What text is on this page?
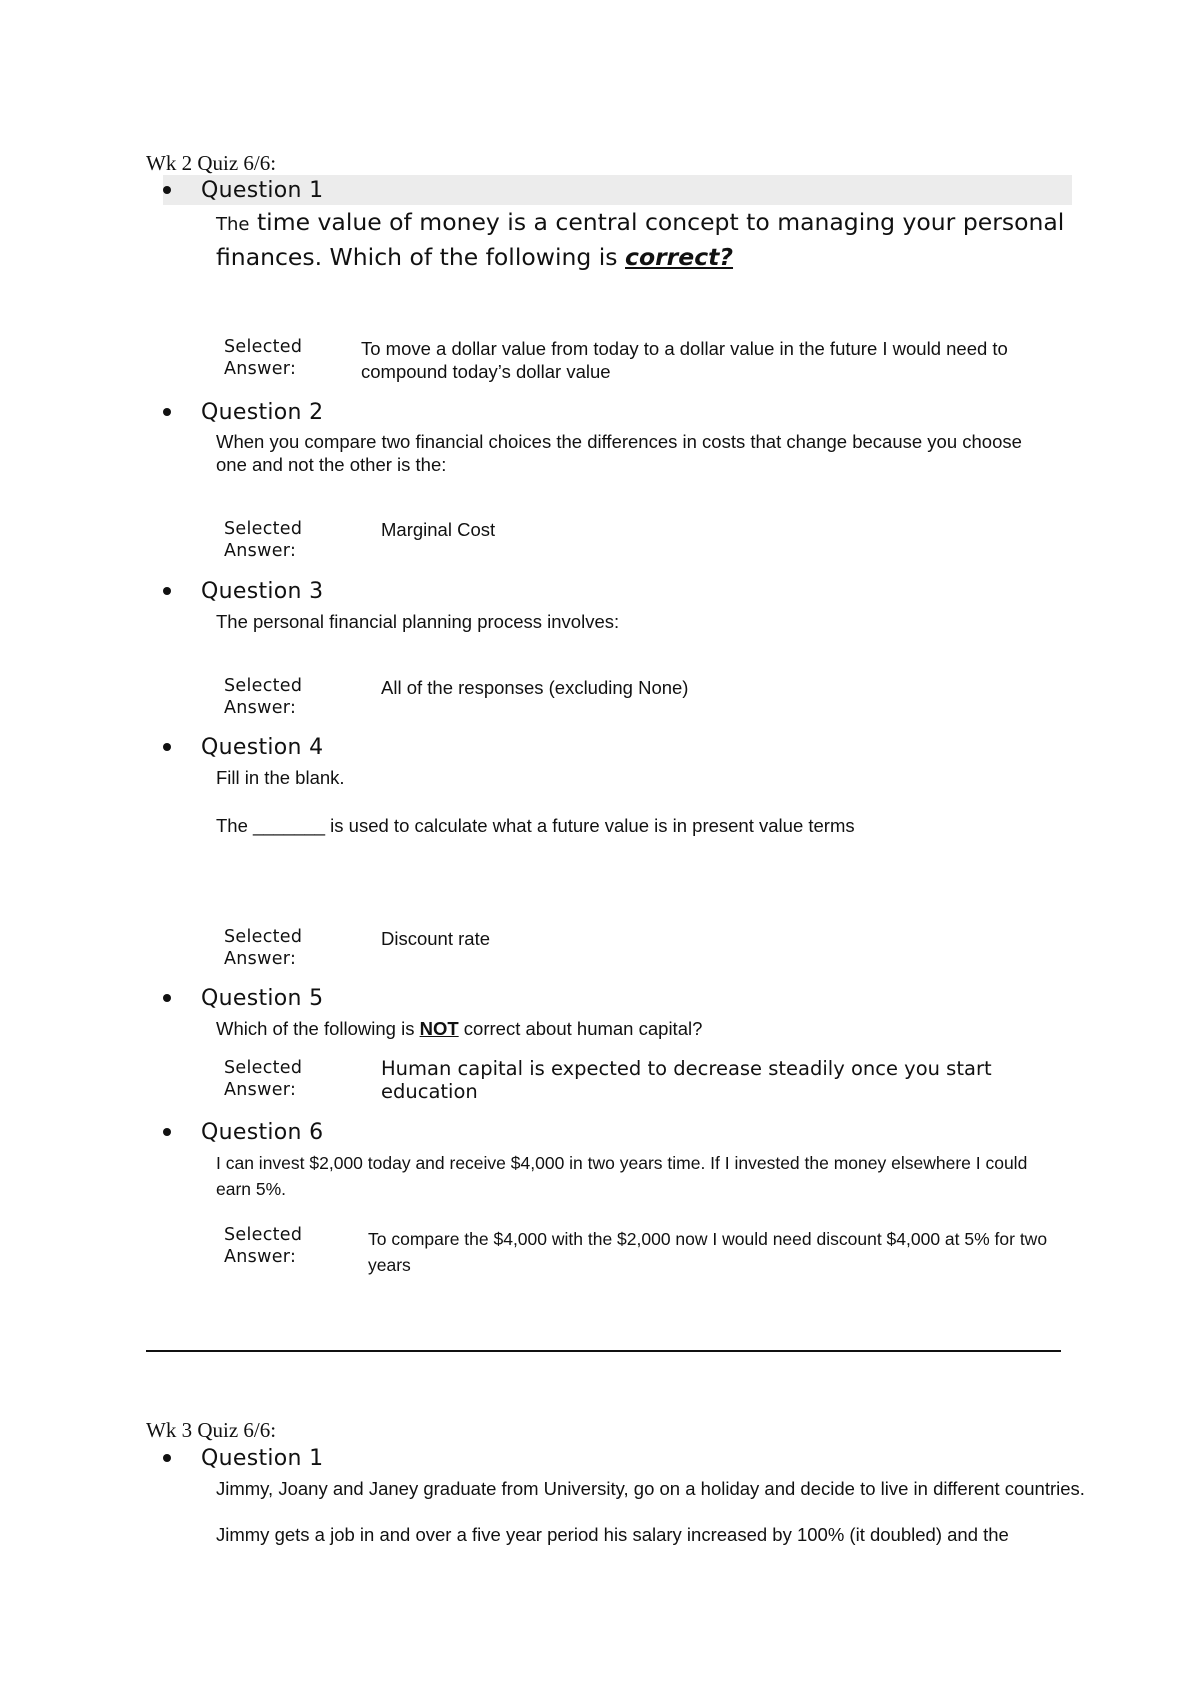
Wk 2 Quiz 6/6:
Question 1
The time value of money is a central concept to managing your personal finances. Which of the following is correct?
Selected Answer:
To move a dollar value from today to a dollar value in the future I would need to compound today’s dollar value
Question 2
When you compare two financial choices the differences in costs that change because you choose one and not the other is the:
Selected Answer:
Marginal Cost
Question 3
The personal financial planning process involves:
Selected Answer:
All of the responses (excluding None)
Question 4
Fill in the blank.
The _______ is used to calculate what a future value is in present value terms
Selected Answer:
Discount rate
Question 5
Which of the following is NOT correct about human capital?
Selected Answer:
Human capital is expected to decrease steadily once you start education
Question 6
I can invest $2,000 today and receive $4,000 in two years time. If I invested the money elsewhere I could earn 5%.
Selected Answer:
To compare the $4,000 with the $2,000 now I would need discount $4,000 at 5% for two years
Wk 3 Quiz 6/6:
Question 1
Jimmy, Joany and Janey graduate from University, go on a holiday and decide to live in different countries.
Jimmy gets a job in and over a five year period his salary increased by 100% (it doubled) and the
